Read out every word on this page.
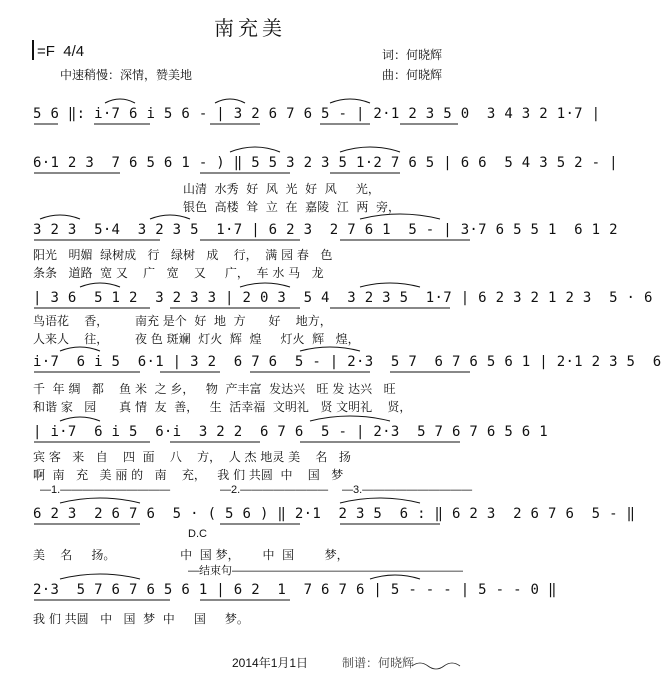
南充美
=F 4/4
中速稍慢：深情，赞美地
词：何晓辉
曲：何晓辉
5 6 ‖: i·7 6 i 5 6 - | 3 2 6 7 6 5 - | 2·1 2 3 5 0  3 4 3 2 1·7 |
6·1 2 3  7 6 5 6 1 - ) ‖ 5 5 3 2 3 5 1·2 7 6 5 | 6 6  5 4 3 5 2 - |
山清  水秀  好  风  光  好  风     光，
银色  高楼  耸  立  在  嘉陵  江  两  旁，
3 2 3  5·4  3 2 3 5  1·7 | 6 2 3  2 7 6 1  5 - | 3·7 6 5 5 1  6 1 2
阳光   明媚  绿树成   行   绿树   成    行，  满 园 春   色
条条   道路  宽 又    广   宽    又     广，  车 水 马   龙
| 3 6  5 1 2  3 2 3 3 | 2 0 3  5 4  3 2 3 5  1·7 | 6 2 3 2 1 2 3  5 · 6
鸟语花    香，       南充 是个  好  地  方      好    地方，
人来人    往，       夜 色 斑斓  灯火  辉  煌     灯火  辉   煌，
i·7  6 i 5  6·1 | 3 2  6 7 6  5 - | 2·3  5 7  6 7 6 5 6 1 | 2·1 2 3 5  6
千  年 绸   都    鱼 米  之 乡，   物  产丰富  发达兴   旺 发 达兴   旺
和谐 家   园      真 情  友  善，   生  活幸福  文明礼   贤 文明礼    贤，
| i·7  6 i 5  6·i  3 2 2  6 7 6  5 - | 2·3  5 7 6 7 6 5 6 1
宾 客   来   自    四  面    八    方，  人 杰 地灵 美    名   扬
啊  南   充   美 丽 的   南    充，   我 们 共圆  中    国   梦
—1.——————————	—2.———————— —3.——————————
6 2 3  2 6 7 6  5 · ( 5 6 ) ‖ 2·1  2 3 5  6 : ‖ 6 2 3  2 6 7 6  5 - ‖
D.C
美    名     扬。                 中  国 梦，      中  国        梦，
—结束句—————————————————————
2·3  5 7 6 7 6 5 6 1 | 6 2  1  7 6 7 6 | 5 - - - | 5 - - 0 ‖
我 们 共圆   中   国  梦  中     国     梦。
2014年1月1日	制谱：何晓辉
